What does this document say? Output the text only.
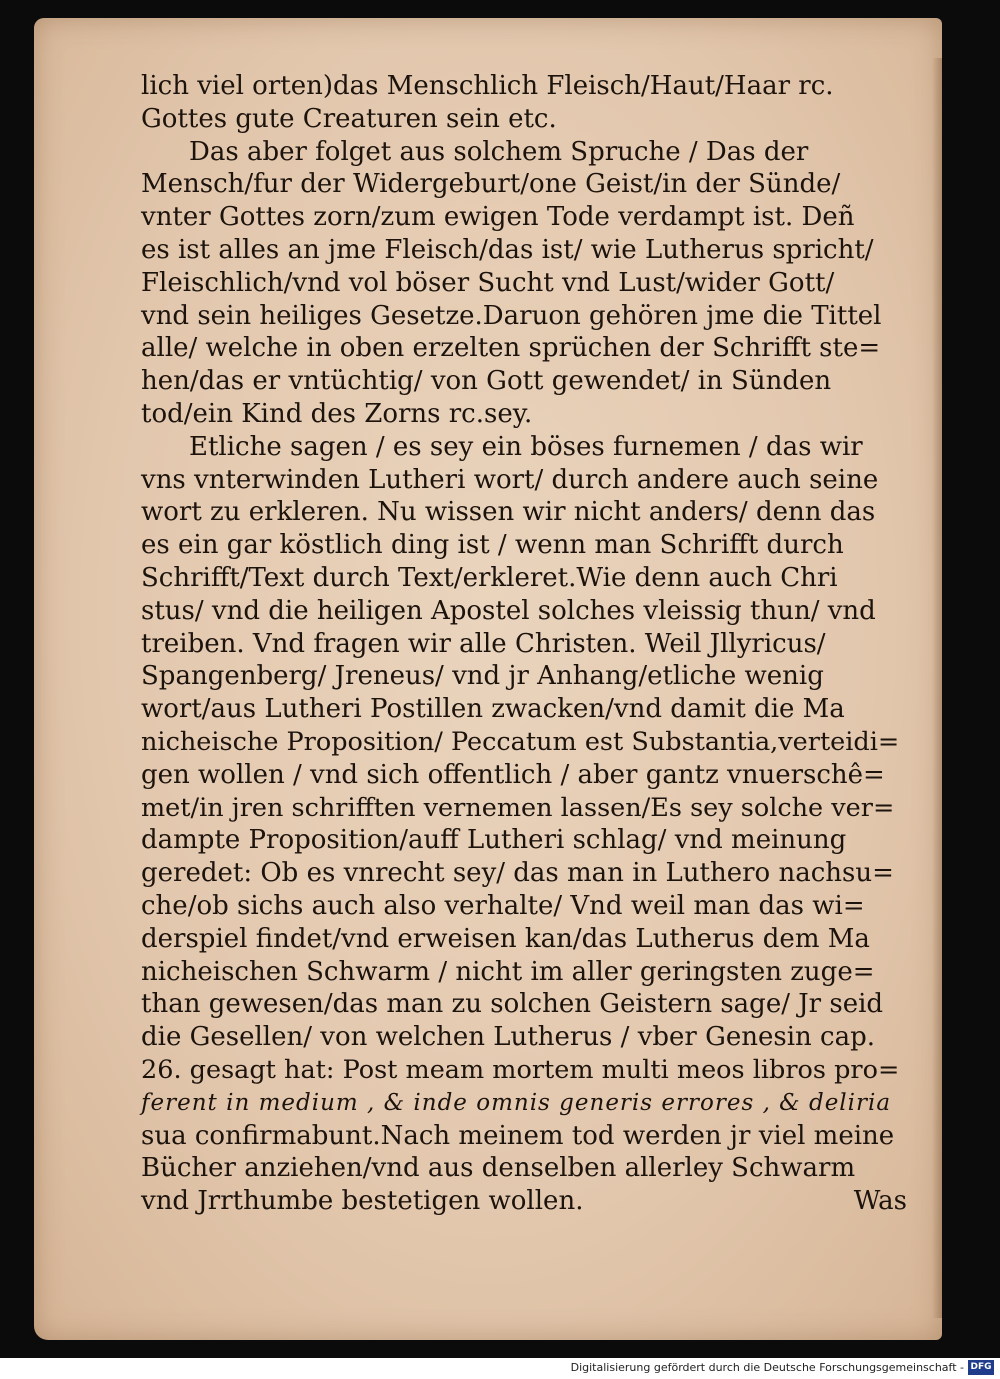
lich viel orten)das Menschlich Fleisch/Haut/Haar rc.
Gottes gute Creaturen sein etc.
Das aber folget aus solchem Spruche / Das der
Mensch/fur der Widergeburt/one Geist/in der Sünde/
vnter Gottes zorn/zum ewigen Tode verdampt ist. Deñ
es ist alles an jme Fleisch/das ist/ wie Lutherus spricht/
Fleischlich/vnd vol böser Sucht vnd Lust/wider Gott/
vnd sein heiliges Gesetze.Daruon gehören jme die Tittel
alle/ welche in oben erzelten sprüchen der Schrifft ste=
hen/das er vntüchtig/ von Gott gewendet/ in Sünden
tod/ein Kind des Zorns rc.sey.
Etliche sagen / es sey ein böses furnemen / das wir
vns vnterwinden Lutheri wort/ durch andere auch seine
wort zu erkleren. Nu wissen wir nicht anders/ denn das
es ein gar köstlich ding ist / wenn man Schrifft durch
Schrifft/Text durch Text/erkleret.Wie denn auch Chri
stus/ vnd die heiligen Apostel solches vleissig thun/ vnd
treiben. Vnd fragen wir alle Christen. Weil Jllyricus/
Spangenberg/ Jreneus/ vnd jr Anhang/etliche wenig
wort/aus Lutheri Postillen zwacken/vnd damit die Ma
nicheische Proposition/ Peccatum est Substantia,verteidi=
gen wollen / vnd sich offentlich / aber gantz vnuerschê=
met/in jren schrifften vernemen lassen/Es sey solche ver=
dampte Proposition/auff Lutheri schlag/ vnd meinung
geredet: Ob es vnrecht sey/ das man in Luthero nachsu=
che/ob sichs auch also verhalte/ Vnd weil man das wi=
derspiel findet/vnd erweisen kan/das Lutherus dem Ma
nicheischen Schwarm / nicht im aller geringsten zuge=
than gewesen/das man zu solchen Geistern sage/ Jr seid
die Gesellen/ von welchen Lutherus / vber Genesin cap.
26. gesagt hat: Post meam mortem multi meos libros pro=
ferent in medium , & inde omnis generis errores , & deliria
sua confirmabunt.Nach meinem tod werden jr viel meine
Bücher anziehen/vnd aus denselben allerley Schwarm
vnd Jrrthumbe bestetigen wollen.	Was
Digitalisierung gefördert durch die Deutsche Forschungsgemeinschaft - DFG
